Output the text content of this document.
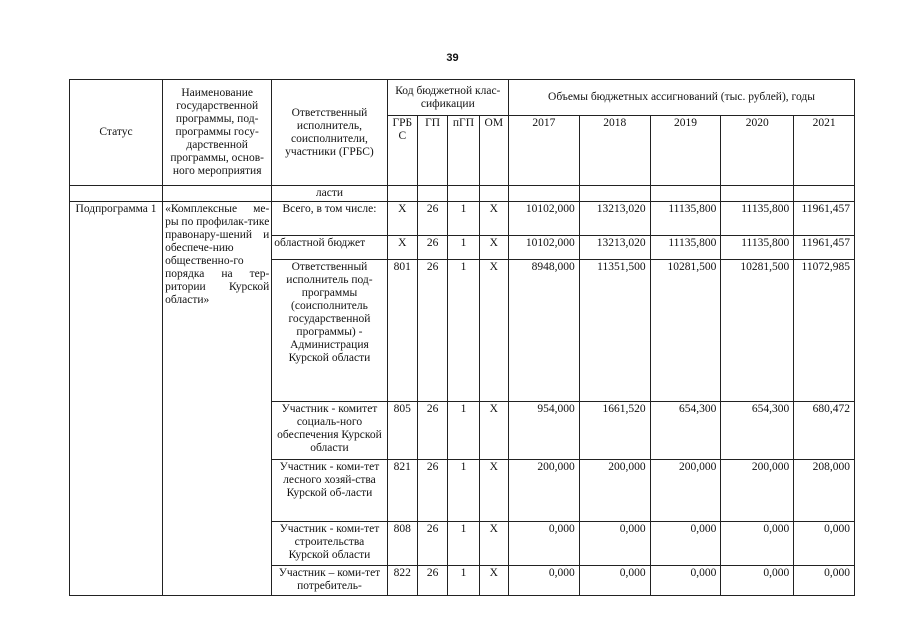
39
Статус	Наименование государственной программы, под-программы госу-дарственной программы, основ-ного мероприятия	Ответственный исполнитель, соисполнители, участники (ГРБС)	Код бюджетной клас-сификации				Объемы бюджетных ассигнований (тыс. рублей), годы				
			ГРБ С	ГП	пГП	ОМ	2017	2018	2019	2020	2021
		ласти									
Подпрограмма 1	«Комплексные ме-ры по профилак-тике правонару-шений и обеспече-нию общественно-го порядка на тер-ритории Курской области»	Всего, в том числе:	Х	26	1	Х	10102,000	13213,020	11135,800	11135,800	11961,457
		областной бюджет	Х	26	1	Х	10102,000	13213,020	11135,800	11135,800	11961,457
		Ответственный исполнитель под-программы (соисполнитель государственной программы) - Администрация Курской области	801	26	1	Х	8948,000	11351,500	10281,500	10281,500	11072,985
		Участник - комитет социаль-ного обеспечения Курской области	805	26	1	Х	954,000	1661,520	654,300	654,300	680,472
		Участник - коми-тет лесного хозяй-ства Курской об-ласти	821	26	1	Х	200,000	200,000	200,000	200,000	208,000
		Участник - коми-тет строительства Курской области	808	26	1	Х	0,000	0,000	0,000	0,000	0,000
		Участник – коми-тет потребитель-	822	26	1	Х	0,000	0,000	0,000	0,000	0,000
